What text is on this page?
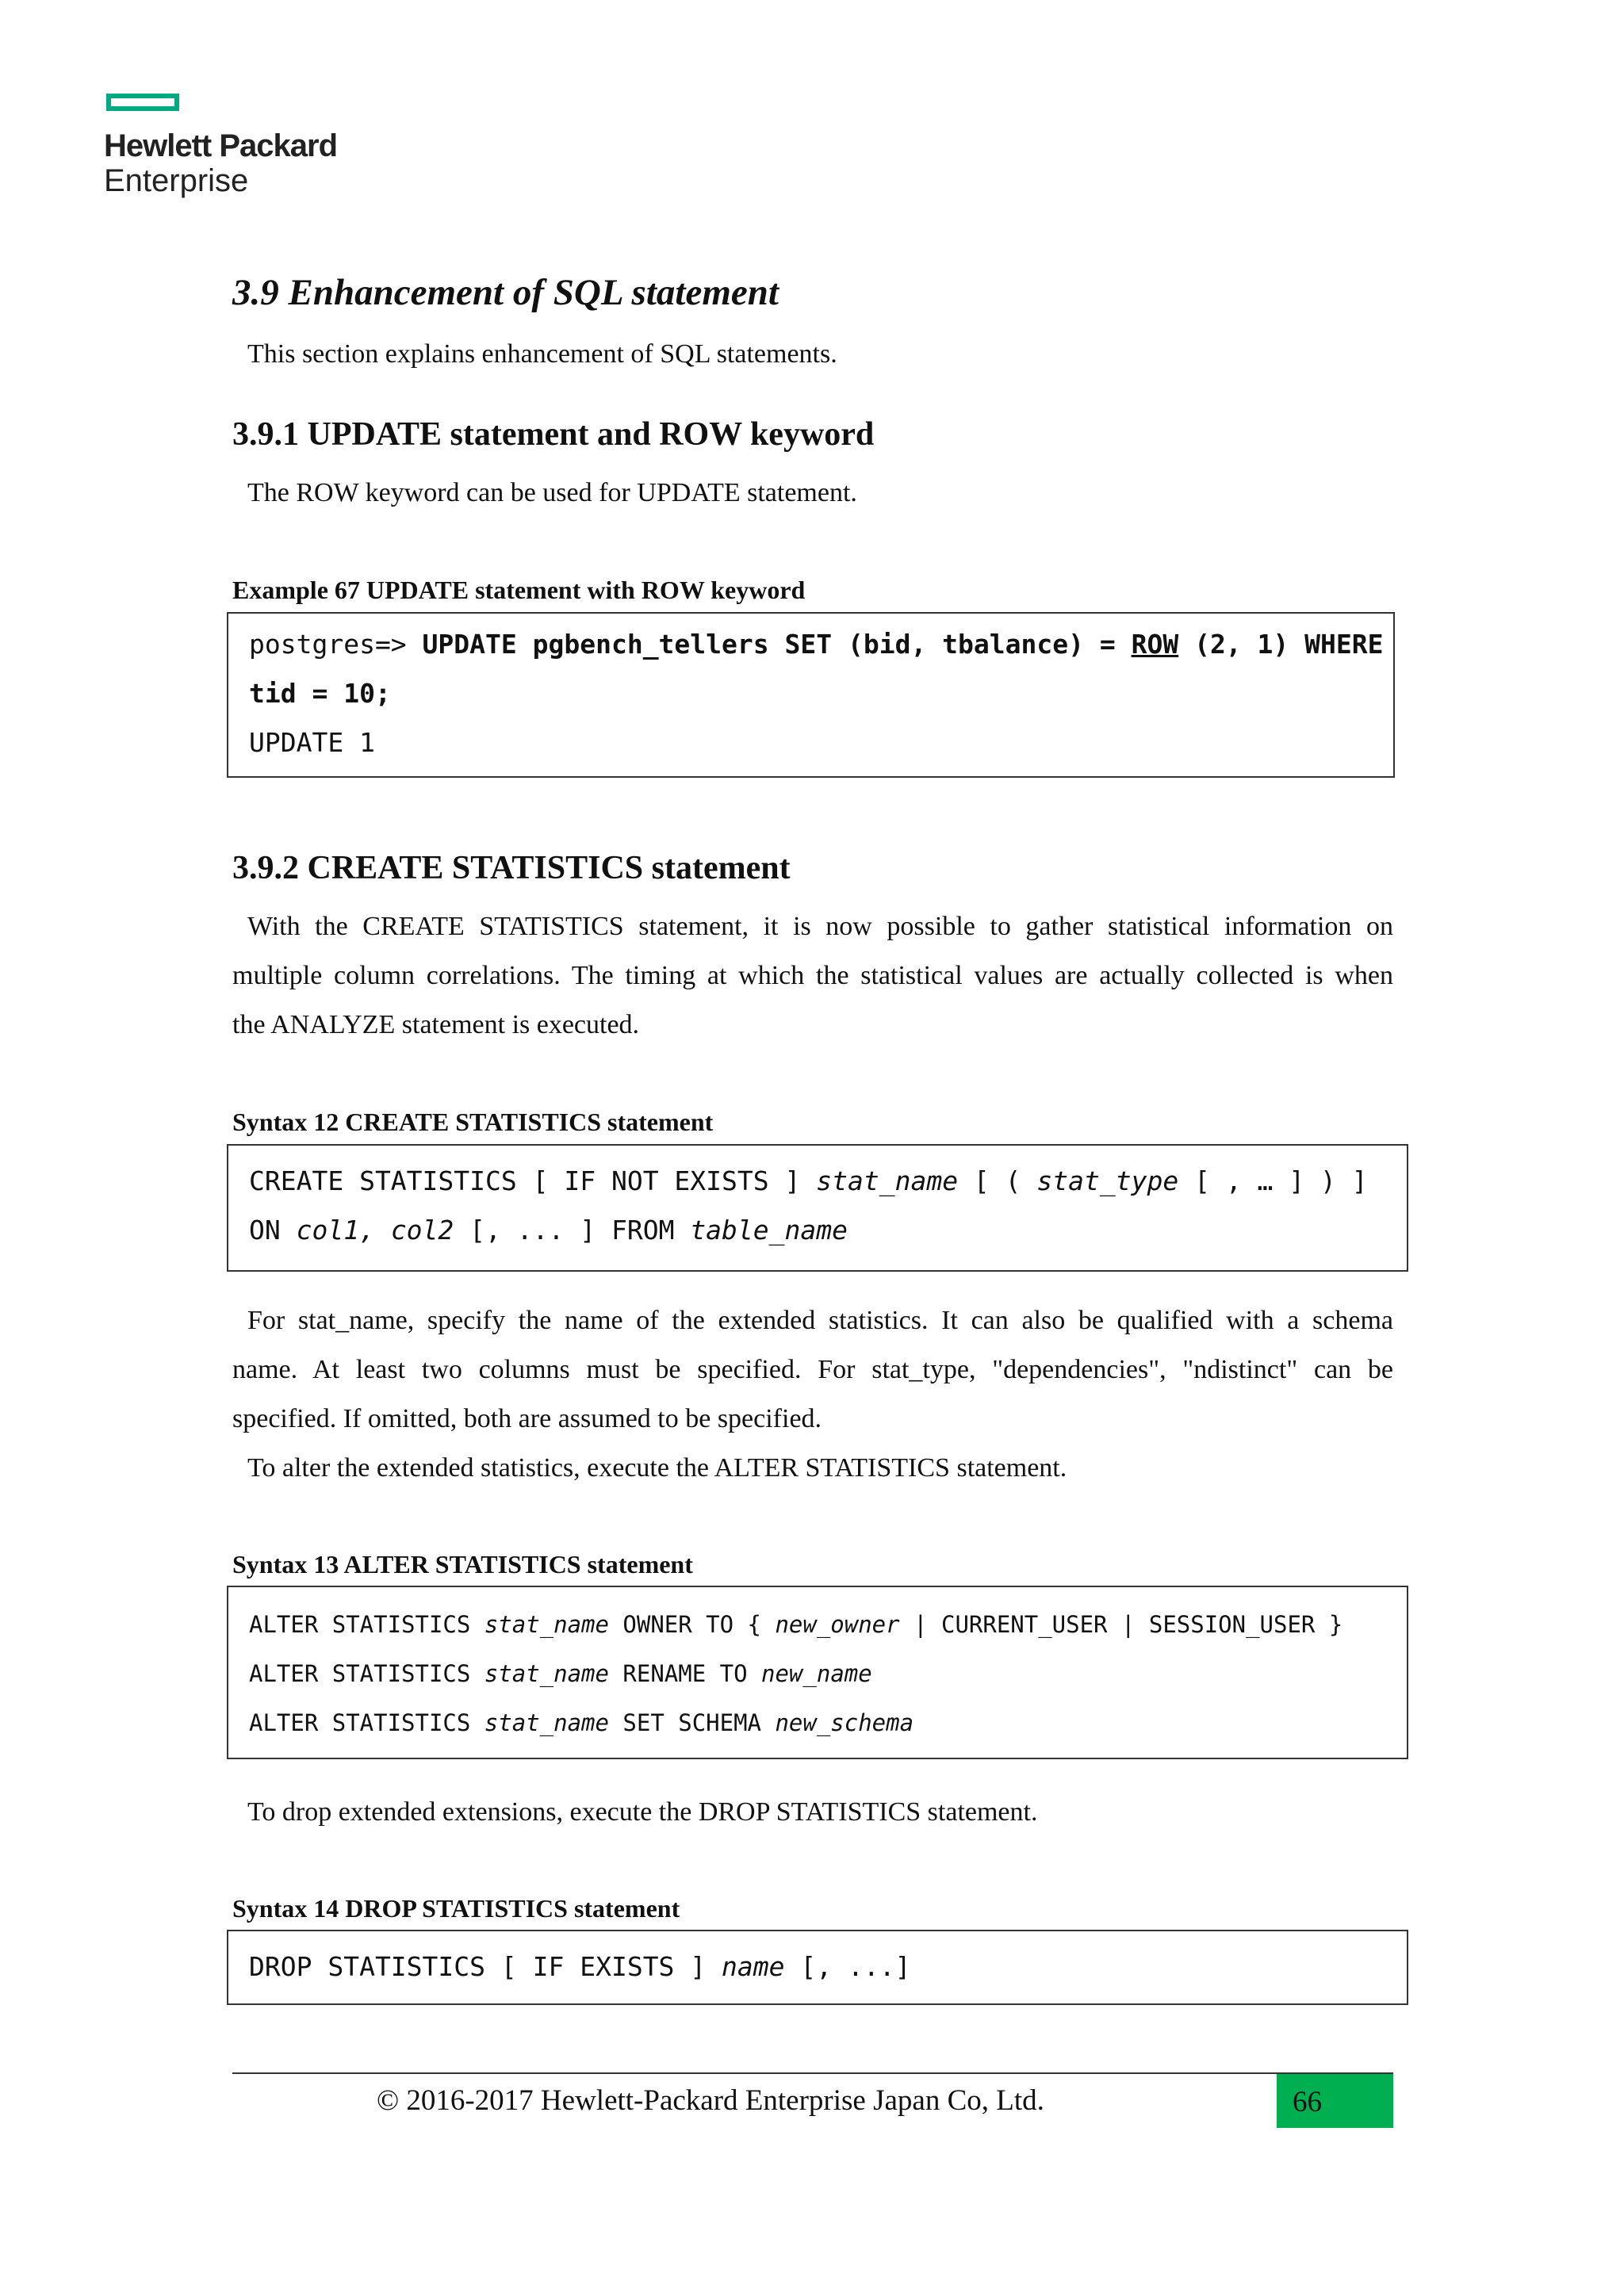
Hewlett Packard
Enterprise
3.9 Enhancement of SQL statement
This section explains enhancement of SQL statements.
3.9.1 UPDATE statement and ROW keyword
The ROW keyword can be used for UPDATE statement.
Example 67 UPDATE statement with ROW keyword
postgres=> UPDATE pgbench_tellers SET (bid, tbalance) = ROW (2, 1) WHERE
tid = 10;
UPDATE 1
3.9.2 CREATE STATISTICS statement
With the CREATE STATISTICS statement, it is now possible to gather statistical information on
multiple column correlations. The timing at which the statistical values are actually collected is when
the ANALYZE statement is executed.
Syntax 12 CREATE STATISTICS statement
CREATE STATISTICS [ IF NOT EXISTS ] stat_name [ ( stat_type [ , … ] ) ]
ON col1, col2 [, ... ] FROM table_name
For stat_name, specify the name of the extended statistics. It can also be qualified with a schema
name. At least two columns must be specified. For stat_type, "dependencies", "ndistinct" can be
specified. If omitted, both are assumed to be specified.
To alter the extended statistics, execute the ALTER STATISTICS statement.
Syntax 13 ALTER STATISTICS statement
ALTER STATISTICS stat_name OWNER TO { new_owner | CURRENT_USER | SESSION_USER }
ALTER STATISTICS stat_name RENAME TO new_name
ALTER STATISTICS stat_name SET SCHEMA new_schema
To drop extended extensions, execute the DROP STATISTICS statement.
Syntax 14 DROP STATISTICS statement
DROP STATISTICS [ IF EXISTS ] name [, ...]
© 2016-2017 Hewlett-Packard Enterprise Japan Co, Ltd.	66
